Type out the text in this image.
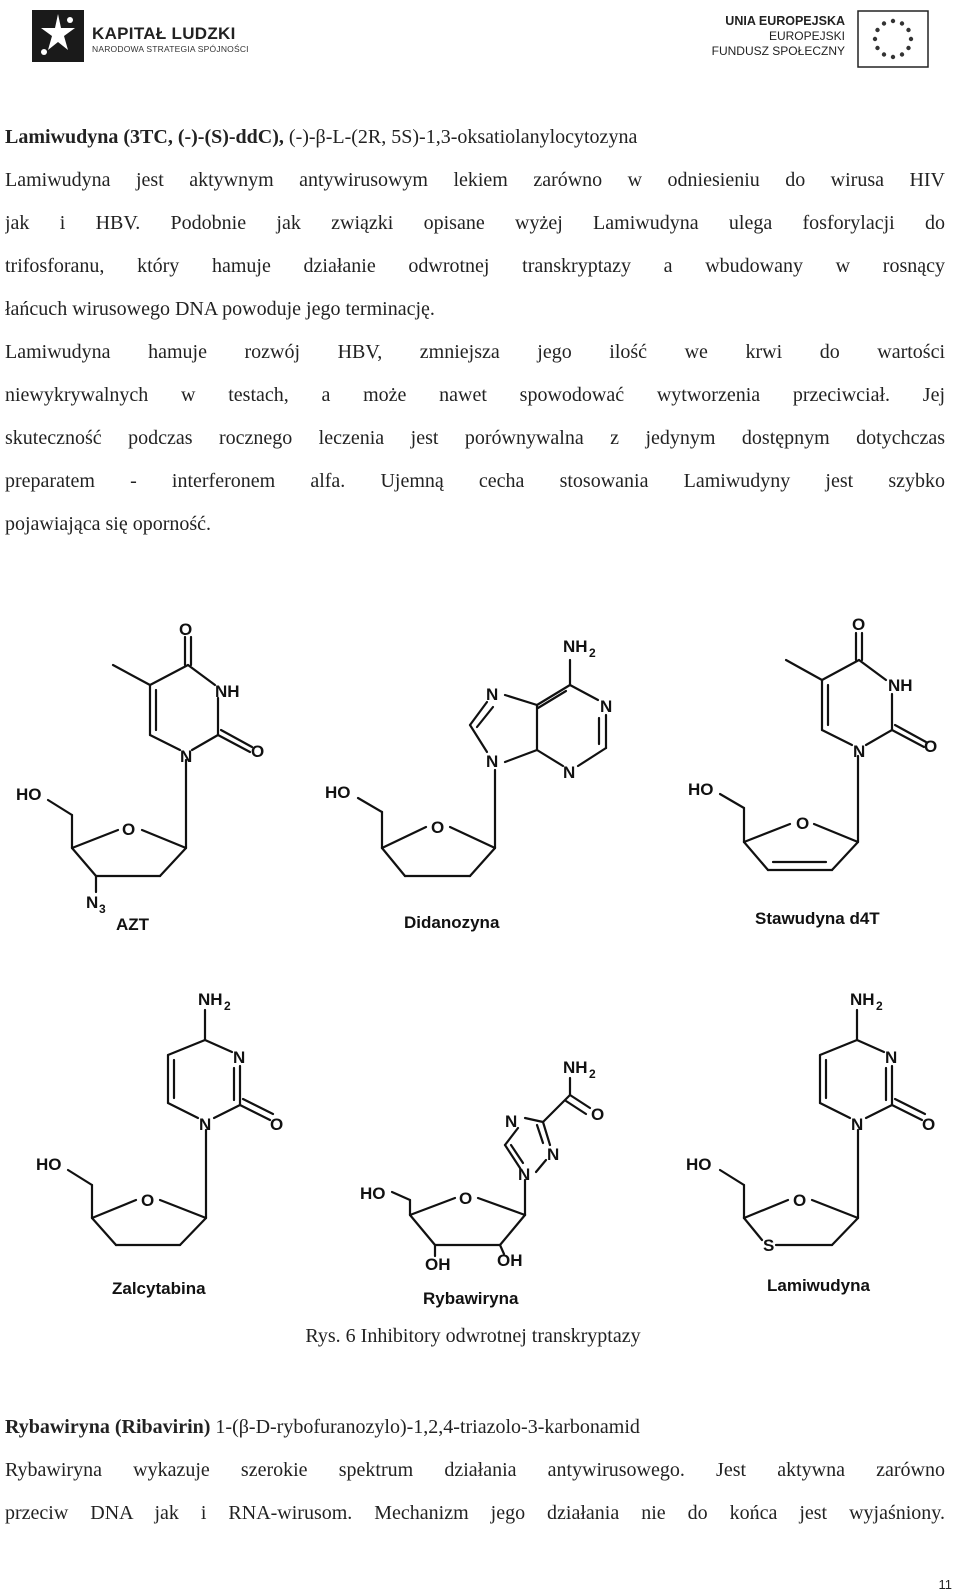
KAPITAŁ LUDZKI
NARODOWA STRATEGIA SPÓJNOŚCI
UNIA EUROPEJSKA
EUROPEJSKI
FUNDUSZ SPOŁECZNY
Lamiwudyna (3TC, (-)-(S)-ddC), (-)-β-L-(2R, 5S)-1,3-oksatiolanylocytozyna
Lamiwudyna jest aktywnym antywirusowym lekiem zarówno w odniesieniu do wirusa HIV
jak i HBV. Podobnie jak związki opisane wyżej Lamiwudyna ulega fosforylacji do
trifosforanu, który hamuje działanie odwrotnej transkryptazy a wbudowany w rosnący
łańcuch wirusowego DNA powoduje jego terminację.
Lamiwudyna hamuje rozwój HBV, zmniejsza jego ilość we krwi do wartości
niewykrywalnych w testach, a może nawet spowodować wytworzenia przeciwciał. Jej
skuteczność podczas rocznego leczenia jest porównywalna z jedynym dostępnym dotychczas
preparatem - interferonem alfa. Ujemną cecha stosowania Lamiwudyny jest szybko
pojawiająca się oporność.
O
NH
N	O
HO
O
N 3
NH 2
N
N
N
N
HO
O
O
NH
N	O
HO
O
NH 2
N
N	O
HO
O
NH 2
O
N
N
N
HO	O
OH	OH
NH 2
N
N	O
HO
O
S
AZT	Didanozyna	Stawudyna d4T
Zalcytabina
Rybawiryna
Lamiwudyna
Rys. 6 Inhibitory odwrotnej transkryptazy
Rybawiryna (Ribavirin) 1-(β-D-rybofuranozylo)-1,2,4-triazolo-3-karbonamid
Rybawiryna wykazuje szerokie spektrum działania antywirusowego. Jest aktywna zarówno
przeciw DNA jak i RNA-wirusom. Mechanizm jego działania nie do końca jest wyjaśniony.
11
